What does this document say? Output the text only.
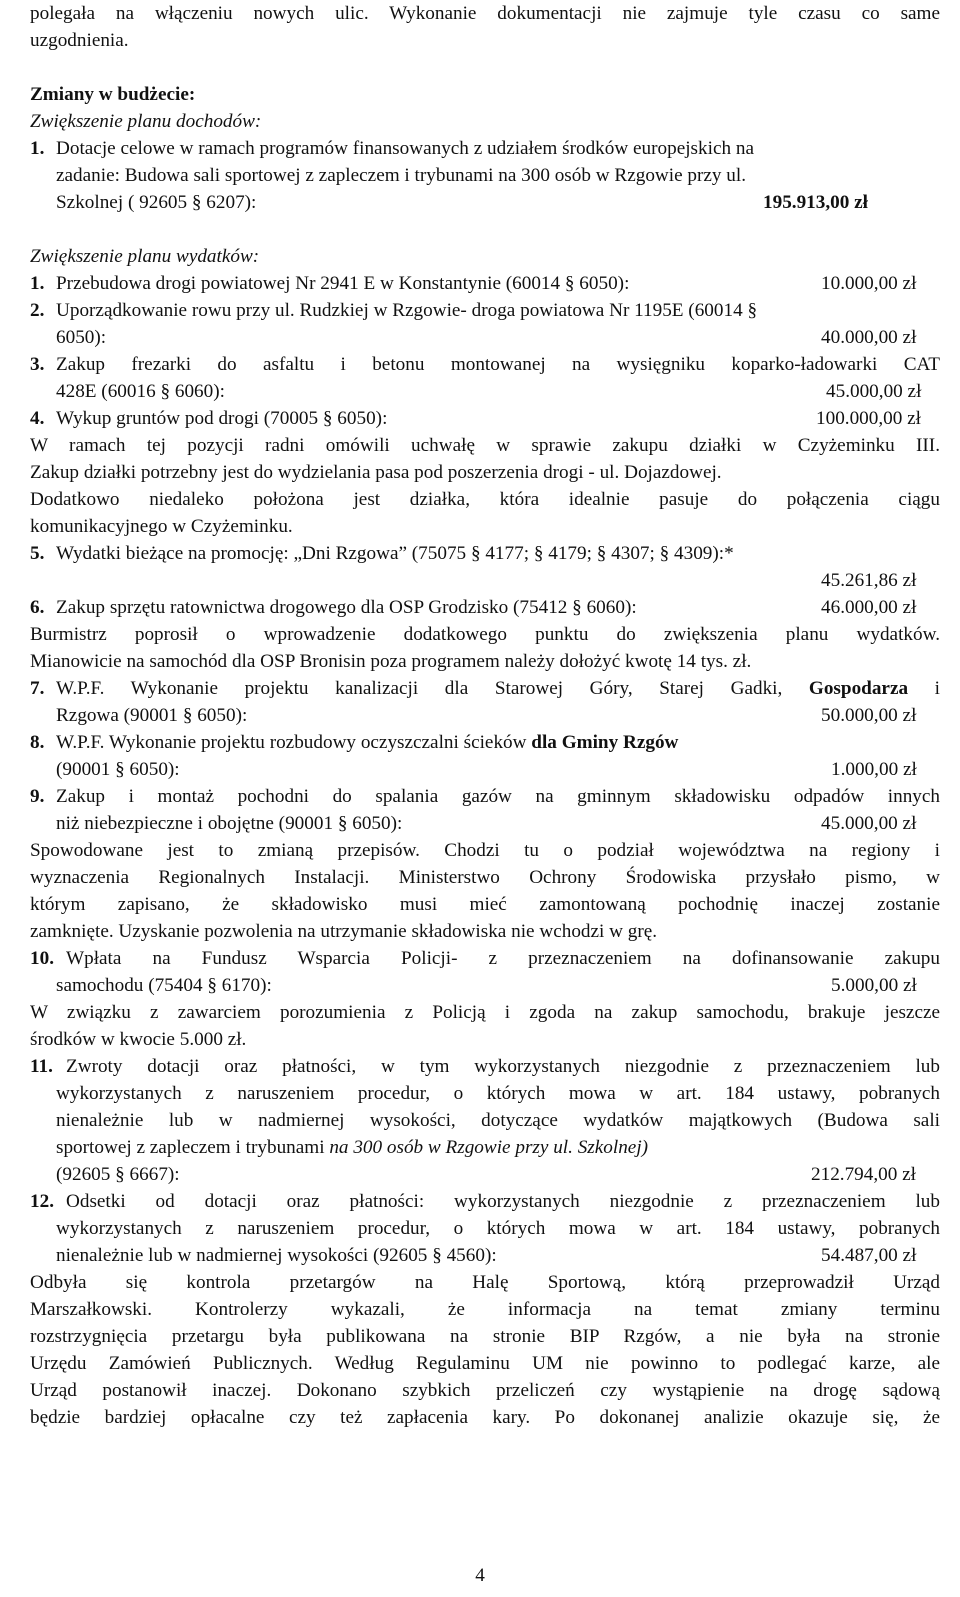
polegała na włączeniu nowych ulic. Wykonanie dokumentacji nie zajmuje tyle czasu co same
uzgodnienia.
Zmiany w budżecie:
Zwiększenie planu dochodów:
1. Dotacje celowe w ramach programów finansowanych z udziałem środków europejskich na
zadanie: Budowa sali sportowej z zapleczem i trybunami na 300 osób w Rzgowie przy ul.
Szkolnej ( 92605 § 6207):	195.913,00 zł
Zwiększenie planu wydatków:
1. Przebudowa drogi powiatowej Nr 2941 E w Konstantynie (60014 § 6050):	10.000,00 zł
2. Uporządkowanie rowu przy ul. Rudzkiej w Rzgowie- droga powiatowa Nr 1195E (60014 §
6050):	40.000,00 zł
3. Zakup frezarki do asfaltu i betonu montowanej na wysięgniku koparko-ładowarki CAT
428E (60016 § 6060):	45.000,00 zł
4. Wykup gruntów pod drogi (70005 § 6050):	100.000,00 zł
W ramach tej pozycji radni omówili uchwałę w sprawie zakupu działki w Czyżeminku III.
Zakup działki potrzebny jest do wydzielania pasa pod poszerzenia drogi - ul. Dojazdowej.
Dodatkowo niedaleko położona jest działka, która idealnie pasuje do połączenia ciągu
komunikacyjnego w Czyżeminku.
5. Wydatki bieżące na promocję: „Dni Rzgowa” (75075 § 4177; § 4179; § 4307; § 4309):*
45.261,86 zł
6. Zakup sprzętu ratownictwa drogowego dla OSP Grodzisko (75412 § 6060):	46.000,00 zł
Burmistrz poprosił o wprowadzenie dodatkowego punktu do zwiększenia planu wydatków.
Mianowicie na samochód dla OSP Bronisin poza programem należy dołożyć kwotę 14 tys. zł.
7. W.P.F. Wykonanie projektu kanalizacji dla Starowej Góry, Starej Gadki, Gospodarza i
Rzgowa (90001 § 6050):	50.000,00 zł
8. W.P.F. Wykonanie projektu rozbudowy oczyszczalni ścieków dla Gminy Rzgów
(90001 § 6050):	1.000,00 zł
9. Zakup i montaż pochodni do spalania gazów na gminnym składowisku odpadów innych
niż niebezpieczne i obojętne (90001 § 6050):	45.000,00 zł
Spowodowane jest to zmianą przepisów. Chodzi tu o podział województwa na regiony i
wyznaczenia Regionalnych Instalacji. Ministerstwo Ochrony Środowiska przysłało pismo, w
którym zapisano, że składowisko musi mieć zamontowaną pochodnię inaczej zostanie
zamknięte. Uzyskanie pozwolenia na utrzymanie składowiska nie wchodzi w grę.
10. Wpłata na Fundusz Wsparcia Policji- z przeznaczeniem na dofinansowanie zakupu
samochodu (75404 § 6170):	5.000,00 zł
W związku z zawarciem porozumienia z Policją i zgoda na zakup samochodu, brakuje jeszcze
środków w kwocie 5.000 zł.
11. Zwroty dotacji oraz płatności, w tym wykorzystanych niezgodnie z przeznaczeniem lub
wykorzystanych z naruszeniem procedur, o których mowa w art. 184 ustawy, pobranych
nienależnie lub w nadmiernej wysokości, dotyczące wydatków majątkowych (Budowa sali
sportowej z zapleczem i trybunami na 300 osób w Rzgowie przy ul. Szkolnej)
(92605 § 6667):	212.794,00 zł
12. Odsetki od dotacji oraz płatności: wykorzystanych niezgodnie z przeznaczeniem lub
wykorzystanych z naruszeniem procedur, o których mowa w art. 184 ustawy, pobranych
nienależnie lub w nadmiernej wysokości (92605 § 4560):	54.487,00 zł
Odbyła się kontrola przetargów na Halę Sportową, którą przeprowadził Urząd
Marszałkowski. Kontrolerzy wykazali, że informacja na temat zmiany terminu
rozstrzygnięcia przetargu była publikowana na stronie BIP Rzgów, a nie była na stronie
Urzędu Zamówień Publicznych. Według Regulaminu UM nie powinno to podlegać karze, ale
Urząd postanowił inaczej. Dokonano szybkich przeliczeń czy wystąpienie na drogę sądową
będzie bardziej opłacalne czy też zapłacenia kary. Po dokonanej analizie okazuje się, że
4
